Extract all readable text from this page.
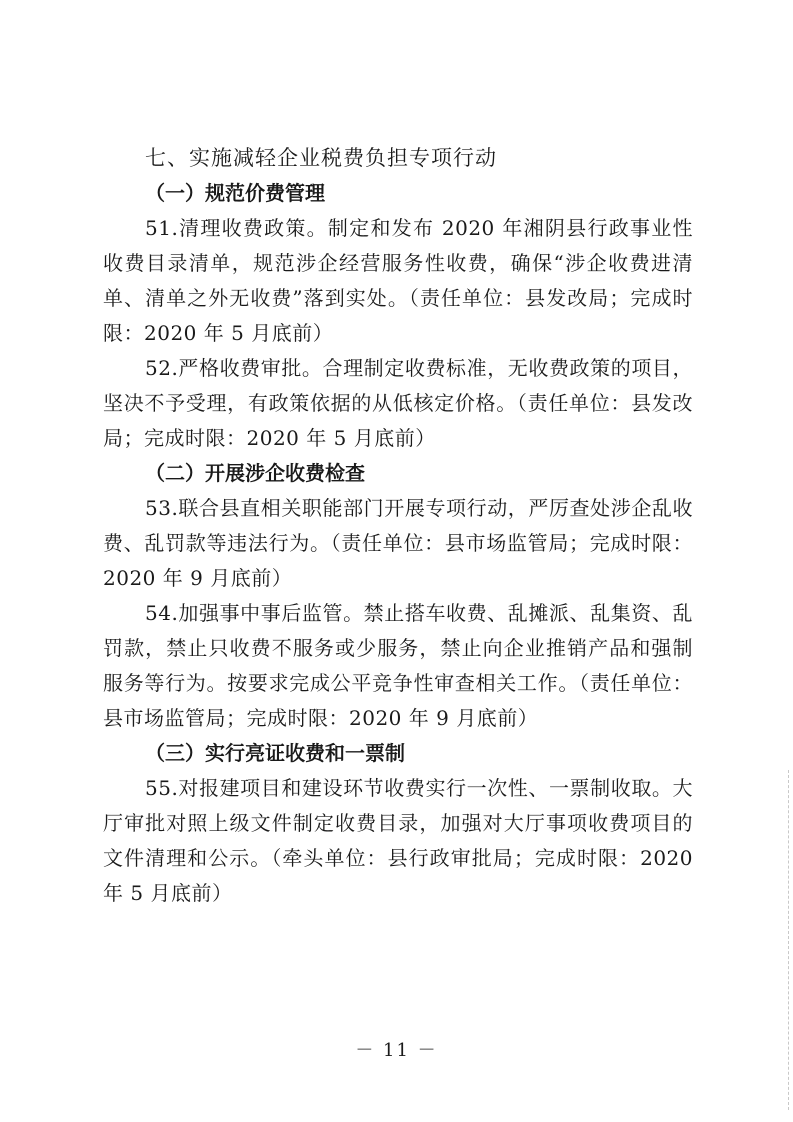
七、实施减轻企业税费负担专项行动
（一）规范价费管理

51.清理收费政策。制定和发布 2020 年湘阴县行政事业性收费目录清单，规范涉企经营服务性收费，确保“涉企收费进清单、清单之外无收费”落到实处。（责任单位：县发改局；完成时限：2020 年 5 月底前）

52.严格收费审批。合理制定收费标准，无收费政策的项目，坚决不予受理，有政策依据的从低核定价格。（责任单位：县发改局；完成时限：2020 年 5 月底前）

（二）开展涉企收费检查

53.联合县直相关职能部门开展专项行动，严厉查处涉企乱收费、乱罚款等违法行为。（责任单位：县市场监管局；完成时限：2020 年 9 月底前）

54.加强事中事后监管。禁止搭车收费、乱摊派、乱集资、乱罚款，禁止只收费不服务或少服务，禁止向企业推销产品和强制服务等行为。按要求完成公平竞争性审查相关工作。（责任单位：县市场监管局；完成时限：2020 年 9 月底前）

（三）实行亮证收费和一票制

55.对报建项目和建设环节收费实行一次性、一票制收取。大厅审批对照上级文件制定收费目录，加强对大厅事项收费项目的文件清理和公示。（牵头单位：县行政审批局；完成时限：2020 年 5 月底前）

－ 11 －
